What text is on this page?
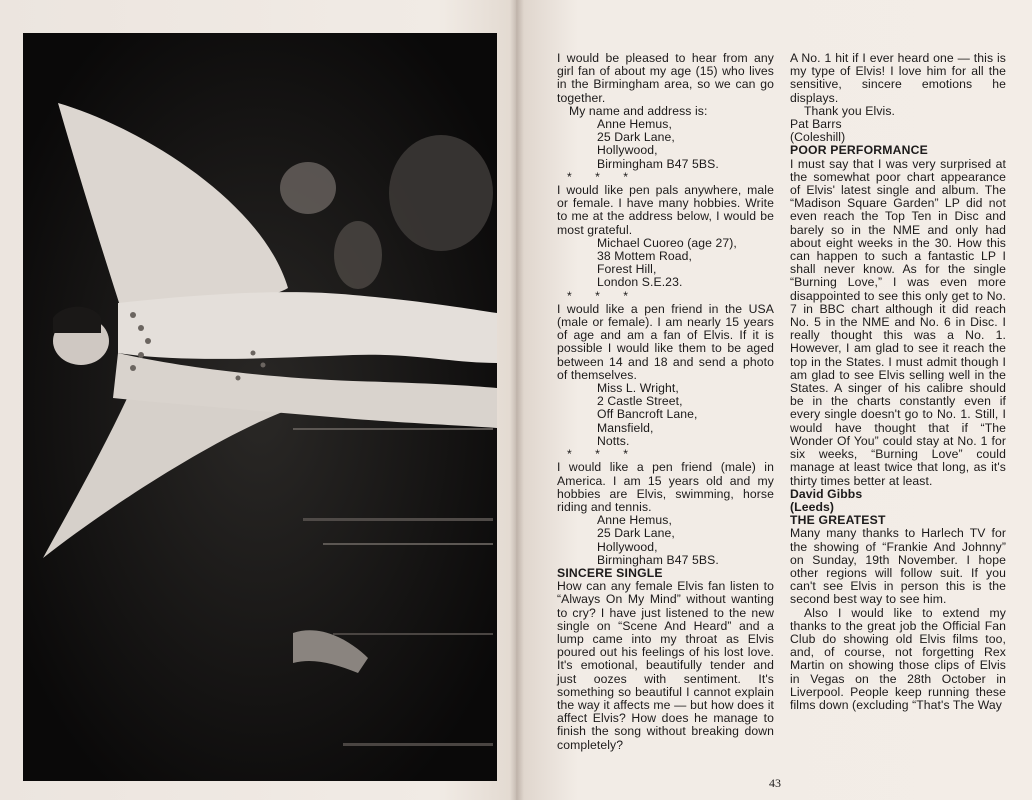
I would be pleased to hear from any girl fan of about my age (15) who lives in the Birmingham area, so we can go together.

My name and address is:

Anne Hemus,
25 Dark Lane,
Hollywood,
Birmingham B47 5BS.

* * *

I would like pen pals anywhere, male or female. I have many hobbies. Write to me at the address below, I would be most grateful.

Michael Cuoreo (age 27),
38 Mottem Road,
Forest Hill,
London S.E.23.

* * *

I would like a pen friend in the USA (male or female). I am nearly 15 years of age and am a fan of Elvis. If it is possible I would like them to be aged between 14 and 18 and send a photo of themselves.

Miss L. Wright,
2 Castle Street,
Off Bancroft Lane,
Mansfield,
Notts.

* * *

I would like a pen friend (male) in America. I am 15 years old and my hobbies are Elvis, swimming, horse riding and tennis.

Anne Hemus,
25 Dark Lane,
Hollywood,
Birmingham B47 5BS.

SINCERE SINGLE

How can any female Elvis fan listen to “Always On My Mind” without wanting to cry? I have just listened to the new single on “Scene And Heard” and a lump came into my throat as Elvis poured out his feelings of his lost love. It's emotional, beautifully tender and just oozes with sentiment. It's something so beautiful I cannot explain the way it affects me — but how does it affect Elvis? How does he manage to finish the song without breaking down completely?

A No. 1 hit if I ever heard one — this is my type of Elvis! I love him for all the sensitive, sincere emotions he displays.

Thank you Elvis.

Pat Barrs

(Coleshill)

POOR PERFORMANCE

I must say that I was very surprised at the somewhat poor chart appearance of Elvis' latest single and album. The “Madison Square Garden” LP did not even reach the Top Ten in Disc and barely so in the NME and only had about eight weeks in the 30. How this can happen to such a fantastic LP I shall never know. As for the single “Burning Love,” I was even more disappointed to see this only get to No. 7 in BBC chart although it did reach No. 5 in the NME and No. 6 in Disc. I really thought this was a No. 1. However, I am glad to see it reach the top in the States. I must admit though I am glad to see Elvis selling well in the States. A singer of his calibre should be in the charts constantly even if every single doesn't go to No. 1. Still, I would have thought that if “The Wonder Of You” could stay at No. 1 for six weeks, “Burning Love” could manage at least twice that long, as it's thirty times better at least.

David Gibbs

(Leeds)

THE GREATEST

Many many thanks to Harlech TV for the showing of “Frankie And Johnny” on Sunday, 19th November. I hope other regions will follow suit. If you can't see Elvis in person this is the second best way to see him.

Also I would like to extend my thanks to the great job the Official Fan Club do showing old Elvis films too, and, of course, not forgetting Rex Martin on showing those clips of Elvis in Vegas on the 28th October in Liverpool. People keep running these films down (excluding “That's The Way

43
